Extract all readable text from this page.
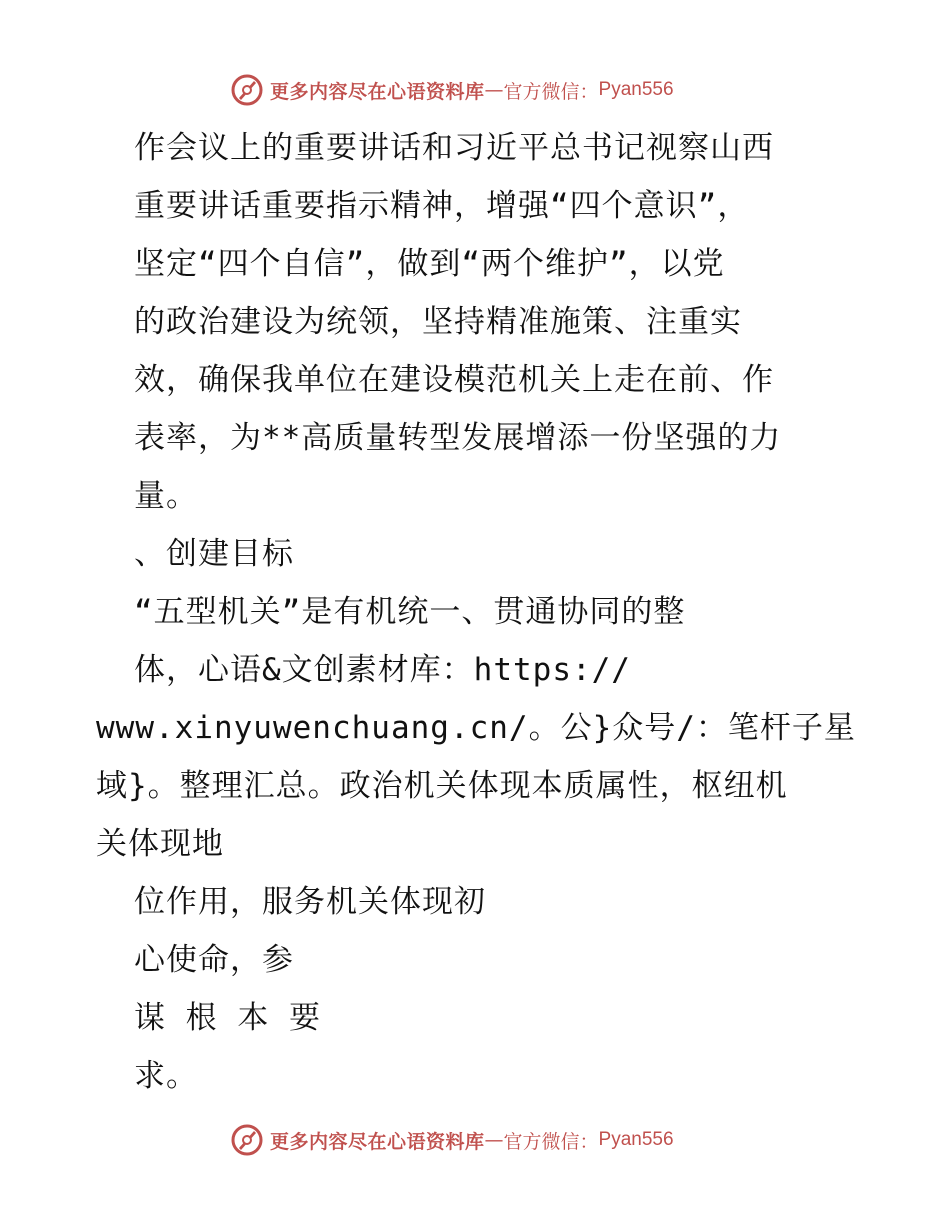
更多内容尽在心语资料库 — 官方微信： Pyan556
作会议上的重要讲话和习近平总书记视察山西
重要讲话重要指示精神，增强“四个意识”，
坚定“四个自信”，做到“两个维护”，以党
的政治建设为统领，坚持精准施策、注重实
效，确保我单位在建设模范机关上走在前、作
表率，为**高质量转型发展增添一份坚强的力
量。
、创建目标
“五型机关”是有机统一、贯通协同的整
体，心语&文创素材库：https://
www.xinyuwenchuang.cn/。公}众号/：笔杆子星
域}。整理汇总。政治机关体现本质属性，枢纽机
关体现地
位作用，服务机关体现初
心使命，参
谋 根 本 要
求。
更多内容尽在心语资料库 — 官方微信： Pyan556
